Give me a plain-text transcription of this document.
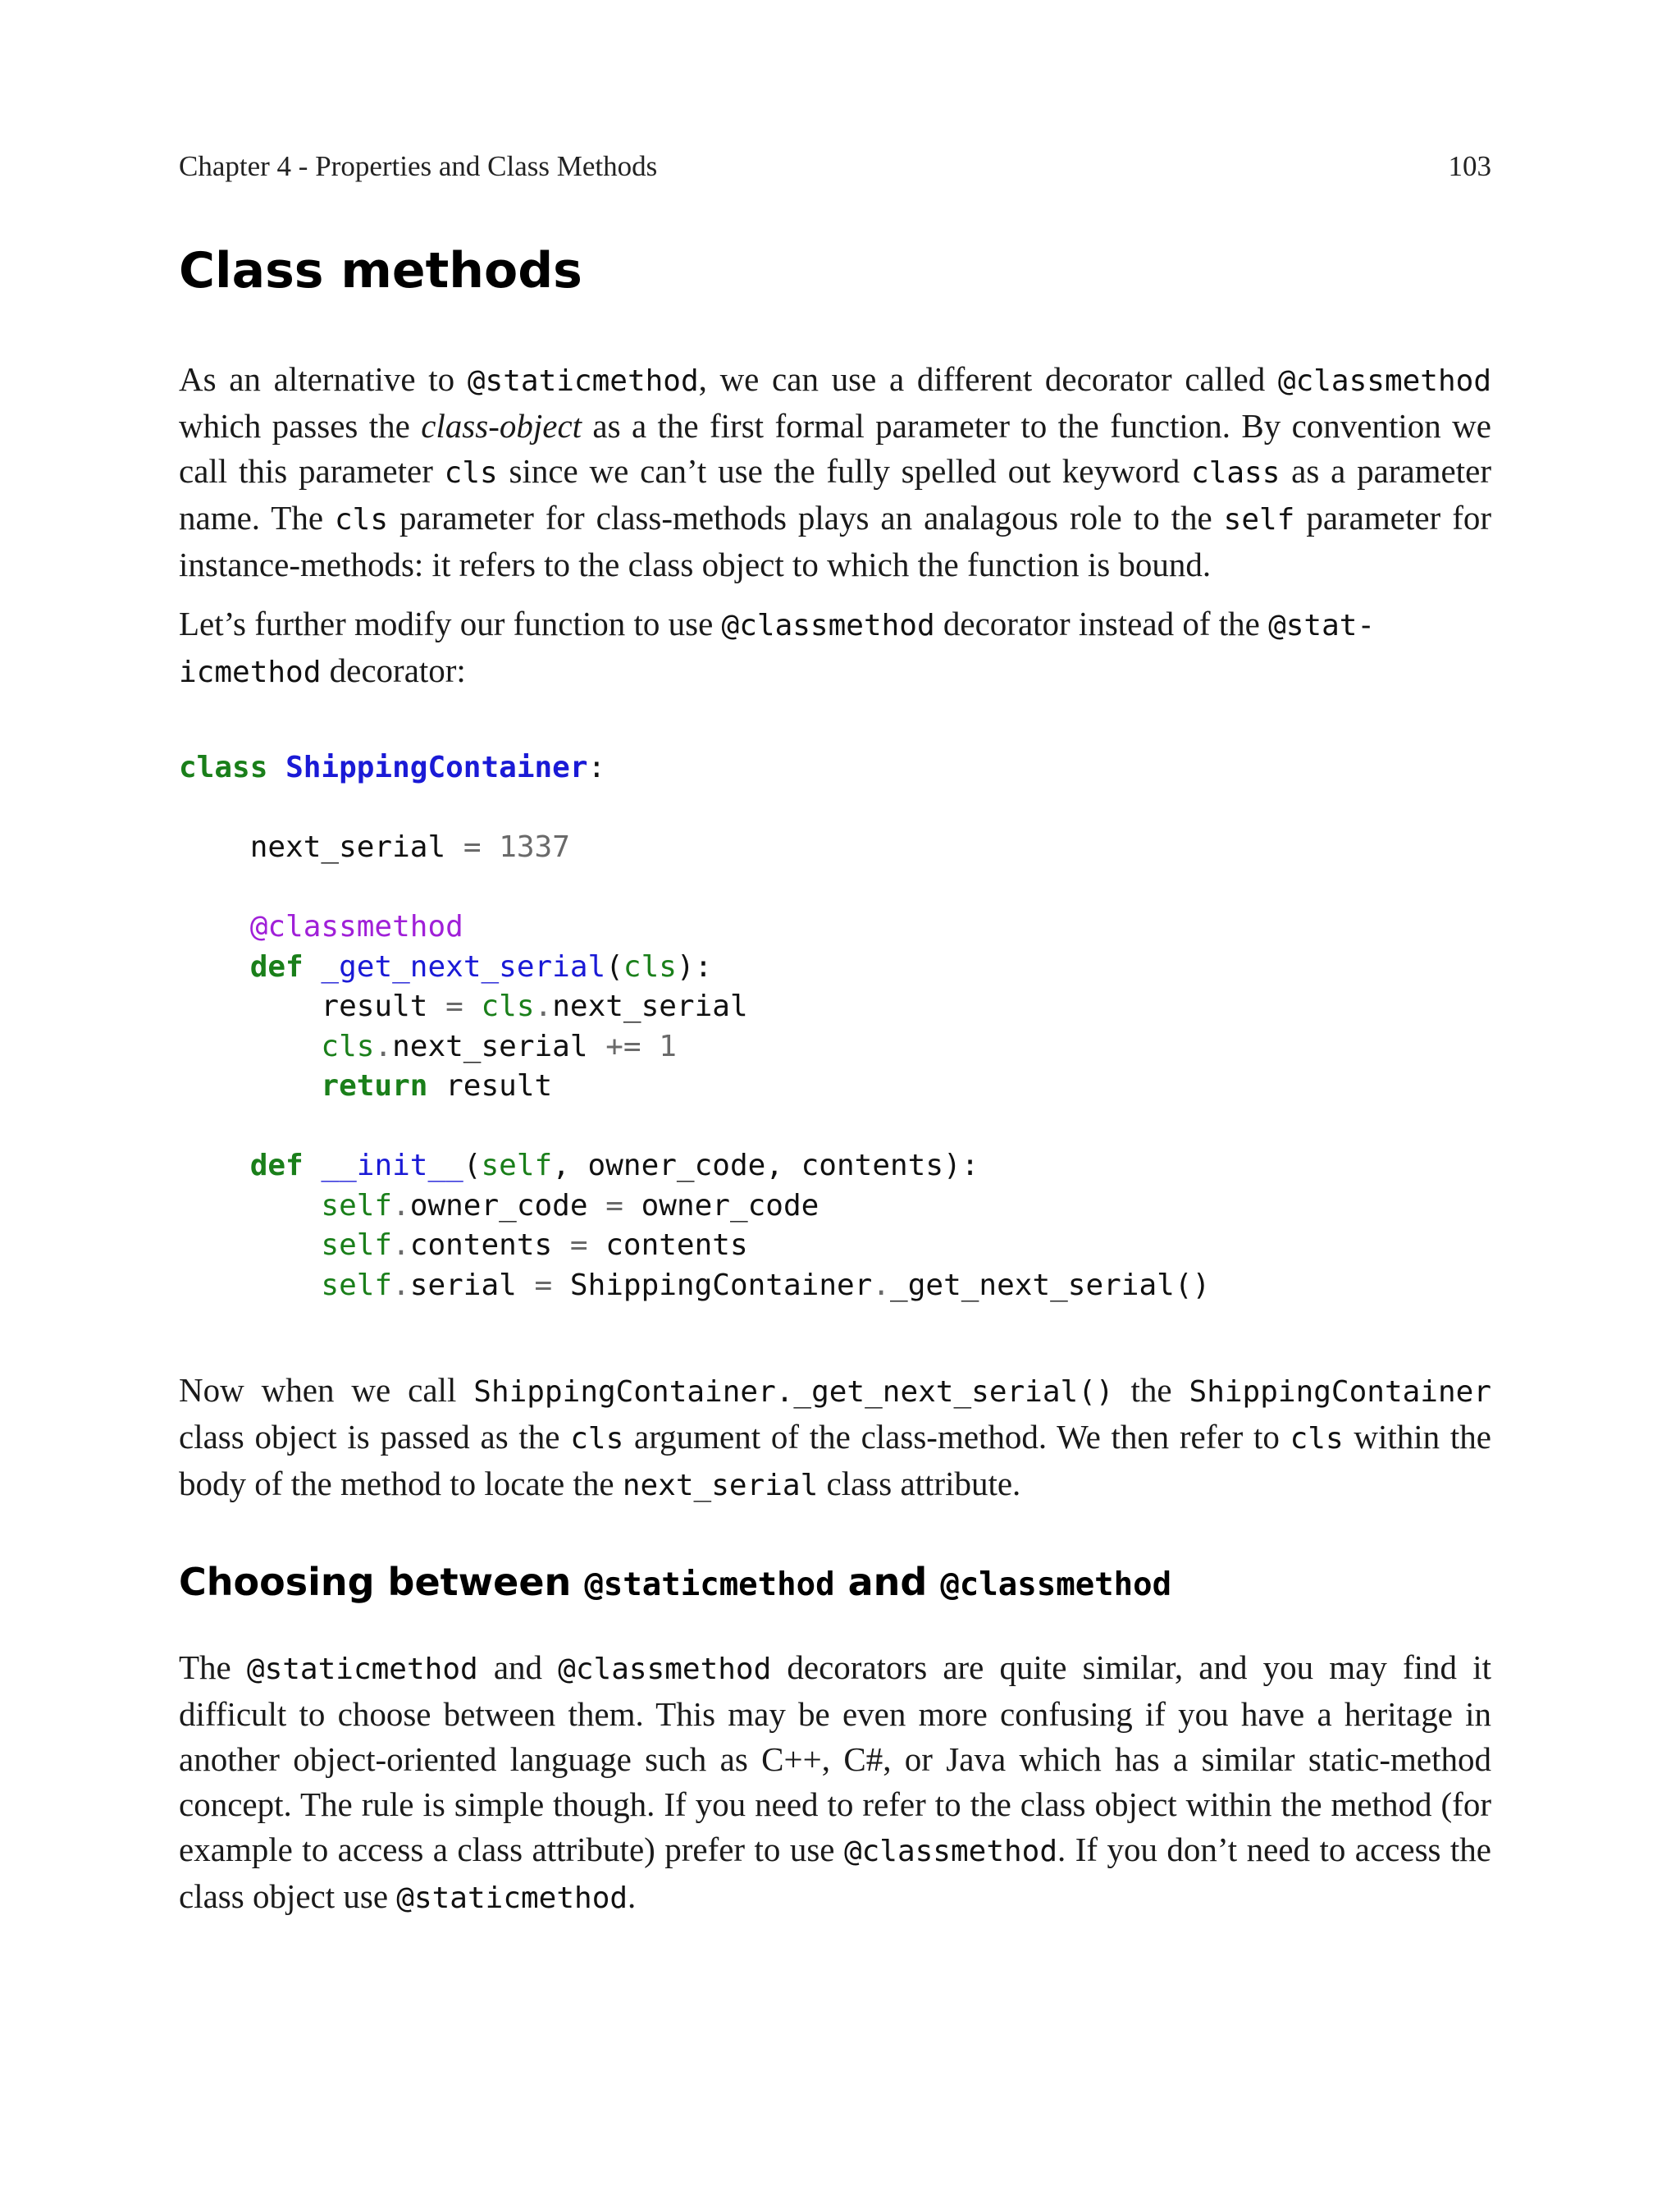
Chapter 4 - Properties and Class Methods	103
Class methods

As an alternative to @staticmethod, we can use a different decorator called @classmethod which passes the class-object as a the first formal parameter to the function. By convention we call this parameter cls since we can’t use the fully spelled out keyword class as a parameter name. The cls parameter for class-methods plays an analagous role to the self parameter for instance-methods: it refers to the class object to which the function is bound.

Let’s further modify our function to use @classmethod decorator instead of the @stat-
icmethod decorator:

class ShippingContainer:

next_serial = 1337

@classmethod
def _get_next_serial(cls):
result = cls.next_serial
cls.next_serial += 1
return result

def __init__(self, owner_code, contents):
self.owner_code = owner_code
self.contents = contents
self.serial = ShippingContainer._get_next_serial()

Now when we call ShippingContainer._get_next_serial() the ShippingContainer class object is passed as the cls argument of the class-method. We then refer to cls within the body of the method to locate the next_serial class attribute.

Choosing between @staticmethod and @classmethod

The @staticmethod and @classmethod decorators are quite similar, and you may find it difficult to choose between them. This may be even more confusing if you have a heritage in another object-oriented language such as C++, C#, or Java which has a similar static-method concept. The rule is simple though. If you need to refer to the class object within the method (for example to access a class attribute) prefer to use @classmethod. If you don’t need to access the class object use @staticmethod.
